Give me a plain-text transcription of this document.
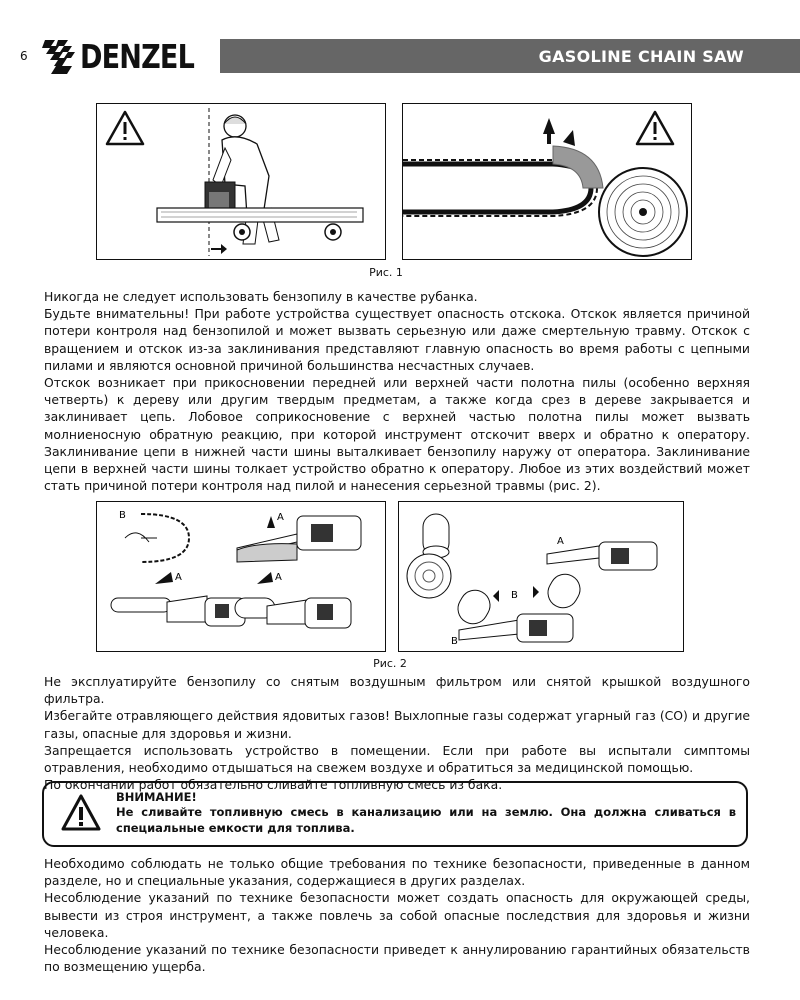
6 DENZEL	GASOLINE CHAIN SAW
Рис. 1

Никогда не следует использовать бензопилу в качестве рубанка.

Будьте внимательны! При работе устройства существует опасность отскока. Отскок является причиной потери контроля над бензопилой и может вызвать серьезную или даже смертельную травму. Отскок с вращением и отскок из-за заклинивания представляют главную опасность во время работы с цепными пилами и являются основной причиной большинства несчастных случаев.

Отскок возникает при прикосновении передней или верхней части полотна пилы (особенно верхняя четверть) к дереву или другим твердым предметам, а также когда срез в дереве закрывается и заклинивает цепь. Лобовое соприкосновение с верхней частью полотна пилы может вызвать молниеносную обратную реакцию, при которой инструмент отскочит вверх и обратно к оператору. Заклинивание цепи в нижней части шины выталкивает бензопилу наружу от оператора. Заклинивание цепи в верхней части шины толкает устройство обратно к оператору. Любое из этих воздействий может стать причиной потери контроля над пилой и нанесения серьезной травмы (рис. 2).

B	A
A	A
A
B
B
Рис. 2

Не эксплуатируйте бензопилу со снятым воздушным фильтром или снятой крышкой воздушного фильтра.

Избегайте отравляющего действия ядовитых газов! Выхлопные газы содержат угарный газ (CO) и другие газы, опасные для здоровья и жизни.

Запрещается использовать устройство в помещении. Если при работе вы испытали симптомы отравления, необходимо отдышаться на свежем воздухе и обратиться за медицинской помощью.

По окончании работ обязательно сливайте топливную смесь из бака.

ВНИМАНИЕ!
Не сливайте топливную смесь в канализацию или на землю. Она должна сливаться в специальные емкости для топлива.

Необходимо соблюдать не только общие требования по технике безопасности, приведенные в данном разделе, но и специальные указания, содержащиеся в других разделах.

Несоблюдение указаний по технике безопасности может создать опасность для окружающей среды, вывести из строя инструмент, а также повлечь за собой опасные последствия для здоровья и жизни человека.

Несоблюдение указаний по технике безопасности приведет к аннулированию гарантийных обязательств по возмещению ущерба.
